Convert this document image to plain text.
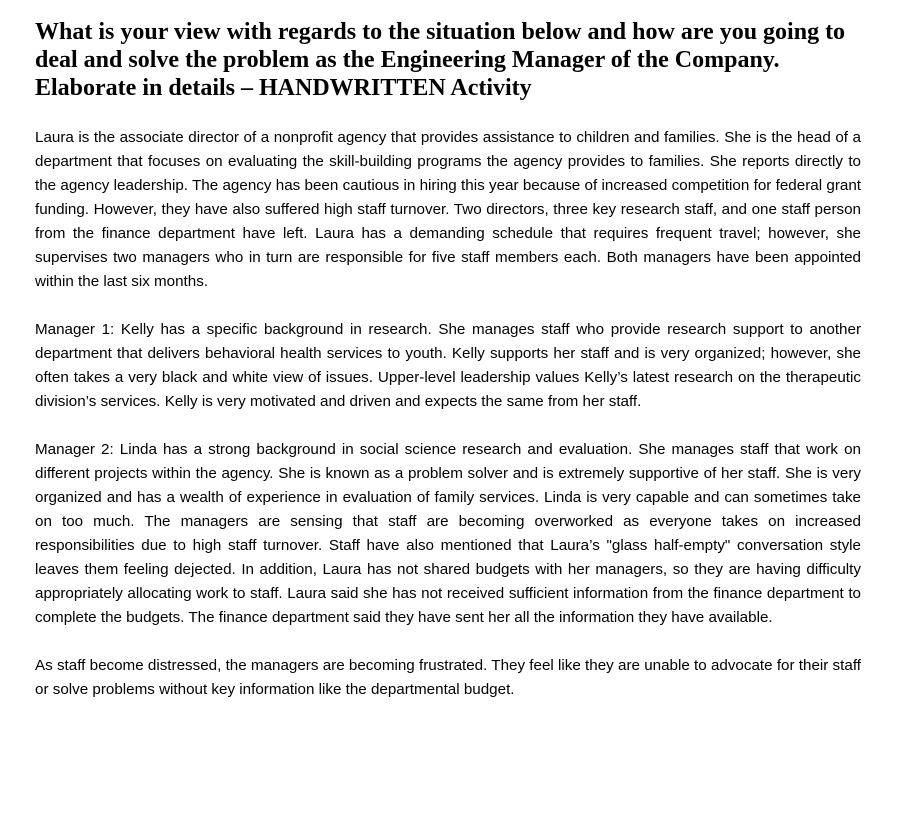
What is your view with regards to the situation below and how are you going to deal and solve the problem as the Engineering Manager of the Company. Elaborate in details – HANDWRITTEN Activity

Laura is the associate director of a nonprofit agency that provides assistance to children and families. She is the head of a department that focuses on evaluating the skill-building programs the agency provides to families. She reports directly to the agency leadership. The agency has been cautious in hiring this year because of increased competition for federal grant funding. However, they have also suffered high staff turnover. Two directors, three key research staff, and one staff person from the finance department have left. Laura has a demanding schedule that requires frequent travel; however, she supervises two managers who in turn are responsible for five staff members each. Both managers have been appointed within the last six months.

Manager 1: Kelly has a specific background in research. She manages staff who provide research support to another department that delivers behavioral health services to youth. Kelly supports her staff and is very organized; however, she often takes a very black and white view of issues. Upper-level leadership values Kelly’s latest research on the therapeutic division’s services. Kelly is very motivated and driven and expects the same from her staff.

Manager 2: Linda has a strong background in social science research and evaluation. She manages staff that work on different projects within the agency. She is known as a problem solver and is extremely supportive of her staff. She is very organized and has a wealth of experience in evaluation of family services. Linda is very capable and can sometimes take on too much. The managers are sensing that staff are becoming overworked as everyone takes on increased responsibilities due to high staff turnover. Staff have also mentioned that Laura’s "glass half-empty" conversation style leaves them feeling dejected. In addition, Laura has not shared budgets with her managers, so they are having difficulty appropriately allocating work to staff. Laura said she has not received sufficient information from the finance department to complete the budgets. The finance department said they have sent her all the information they have available.

As staff become distressed, the managers are becoming frustrated. They feel like they are unable to advocate for their staff or solve problems without key information like the departmental budget.
